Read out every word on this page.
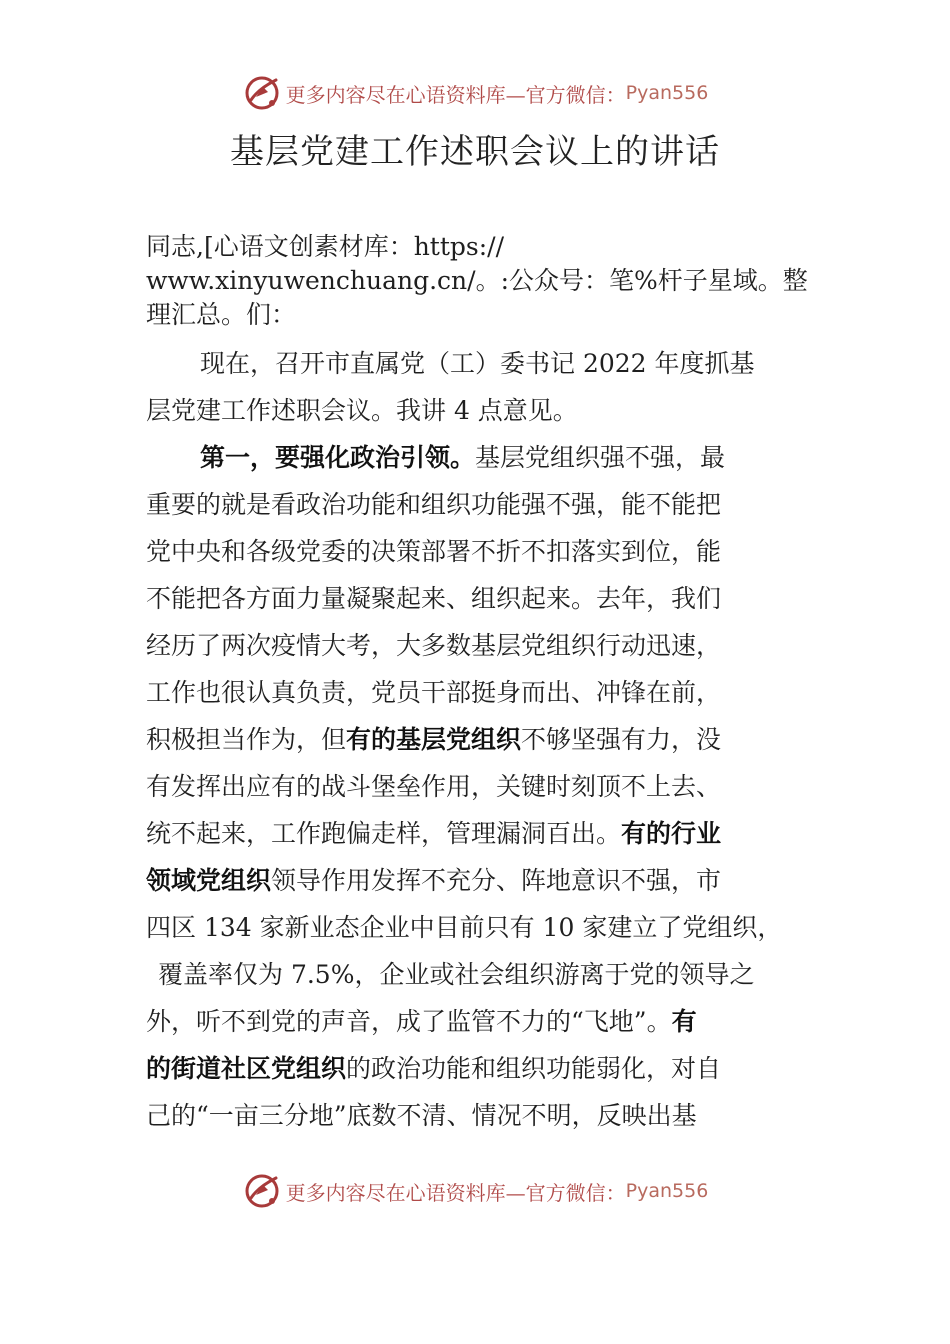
更多内容尽在心语资料库—官方微信： Pyan556
基层党建工作述职会议上的讲话
同志,[心语文创素材库：https://
www.xinyuwenchuang.cn/。:公众号：笔%杆子星域。整
理汇总。们：
现在，召开市直属党（工）委书记 2022 年度抓基
层党建工作述职会议。我讲 4 点意见。
第一，要强化政治引领。基层党组织强不强，最
重要的就是看政治功能和组织功能强不强，能不能把
党中央和各级党委的决策部署不折不扣落实到位，能
不能把各方面力量凝聚起来、组织起来。去年，我们
经历了两次疫情大考，大多数基层党组织行动迅速，
工作也很认真负责，党员干部挺身而出、冲锋在前，
积极担当作为，但有的基层党组织不够坚强有力，没
有发挥出应有的战斗堡垒作用，关键时刻顶不上去、
统不起来，工作跑偏走样，管理漏洞百出。有的行业
领域党组织领导作用发挥不充分、阵地意识不强，市
四区 134 家新业态企业中目前只有 10 家建立了党组织，
覆盖率仅为 7.5%，企业或社会组织游离于党的领导之
外，听不到党的声音，成了监管不力的“飞地”。有
的街道社区党组织的政治功能和组织功能弱化，对自
己的“一亩三分地”底数不清、情况不明，反映出基
更多内容尽在心语资料库—官方微信： Pyan556
